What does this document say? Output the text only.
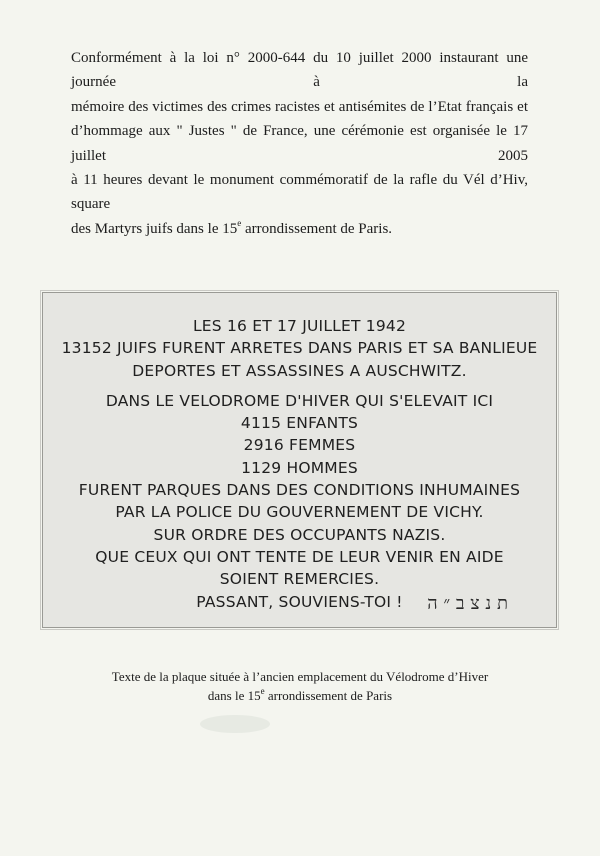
Conformément à la loi n° 2000-644 du 10 juillet 2000 instaurant une journée à la
mémoire des victimes des crimes racistes et antisémites de l’Etat français et
d’hommage aux " Justes " de France, une cérémonie est organisée le 17 juillet 2005
à 11 heures devant le monument commémoratif de la rafle du Vél d’Hiv, square
des Martyrs juifs dans le 15e arrondissement de Paris.
LES 16 ET 17 JUILLET 1942
13152 JUIFS FURENT ARRETES DANS PARIS ET SA BANLIEUE
DEPORTES ET ASSASSINES A AUSCHWITZ.
DANS LE VELODROME D'HIVER QUI S'ELEVAIT ICI
4115 ENFANTS
2916 FEMMES
1129 HOMMES
FURENT PARQUES DANS DES CONDITIONS INHUMAINES
PAR LA POLICE DU GOUVERNEMENT DE VICHY.
SUR ORDRE DES OCCUPANTS NAZIS.
QUE CEUX QUI ONT TENTE DE LEUR VENIR EN AIDE
SOIENT REMERCIES.
PASSANT, SOUVIENS-TOI !	ת נ צ ב ״ ה
Texte de la plaque située à l’ancien emplacement du Vélodrome d’Hiver
dans le 15e arrondissement de Paris
